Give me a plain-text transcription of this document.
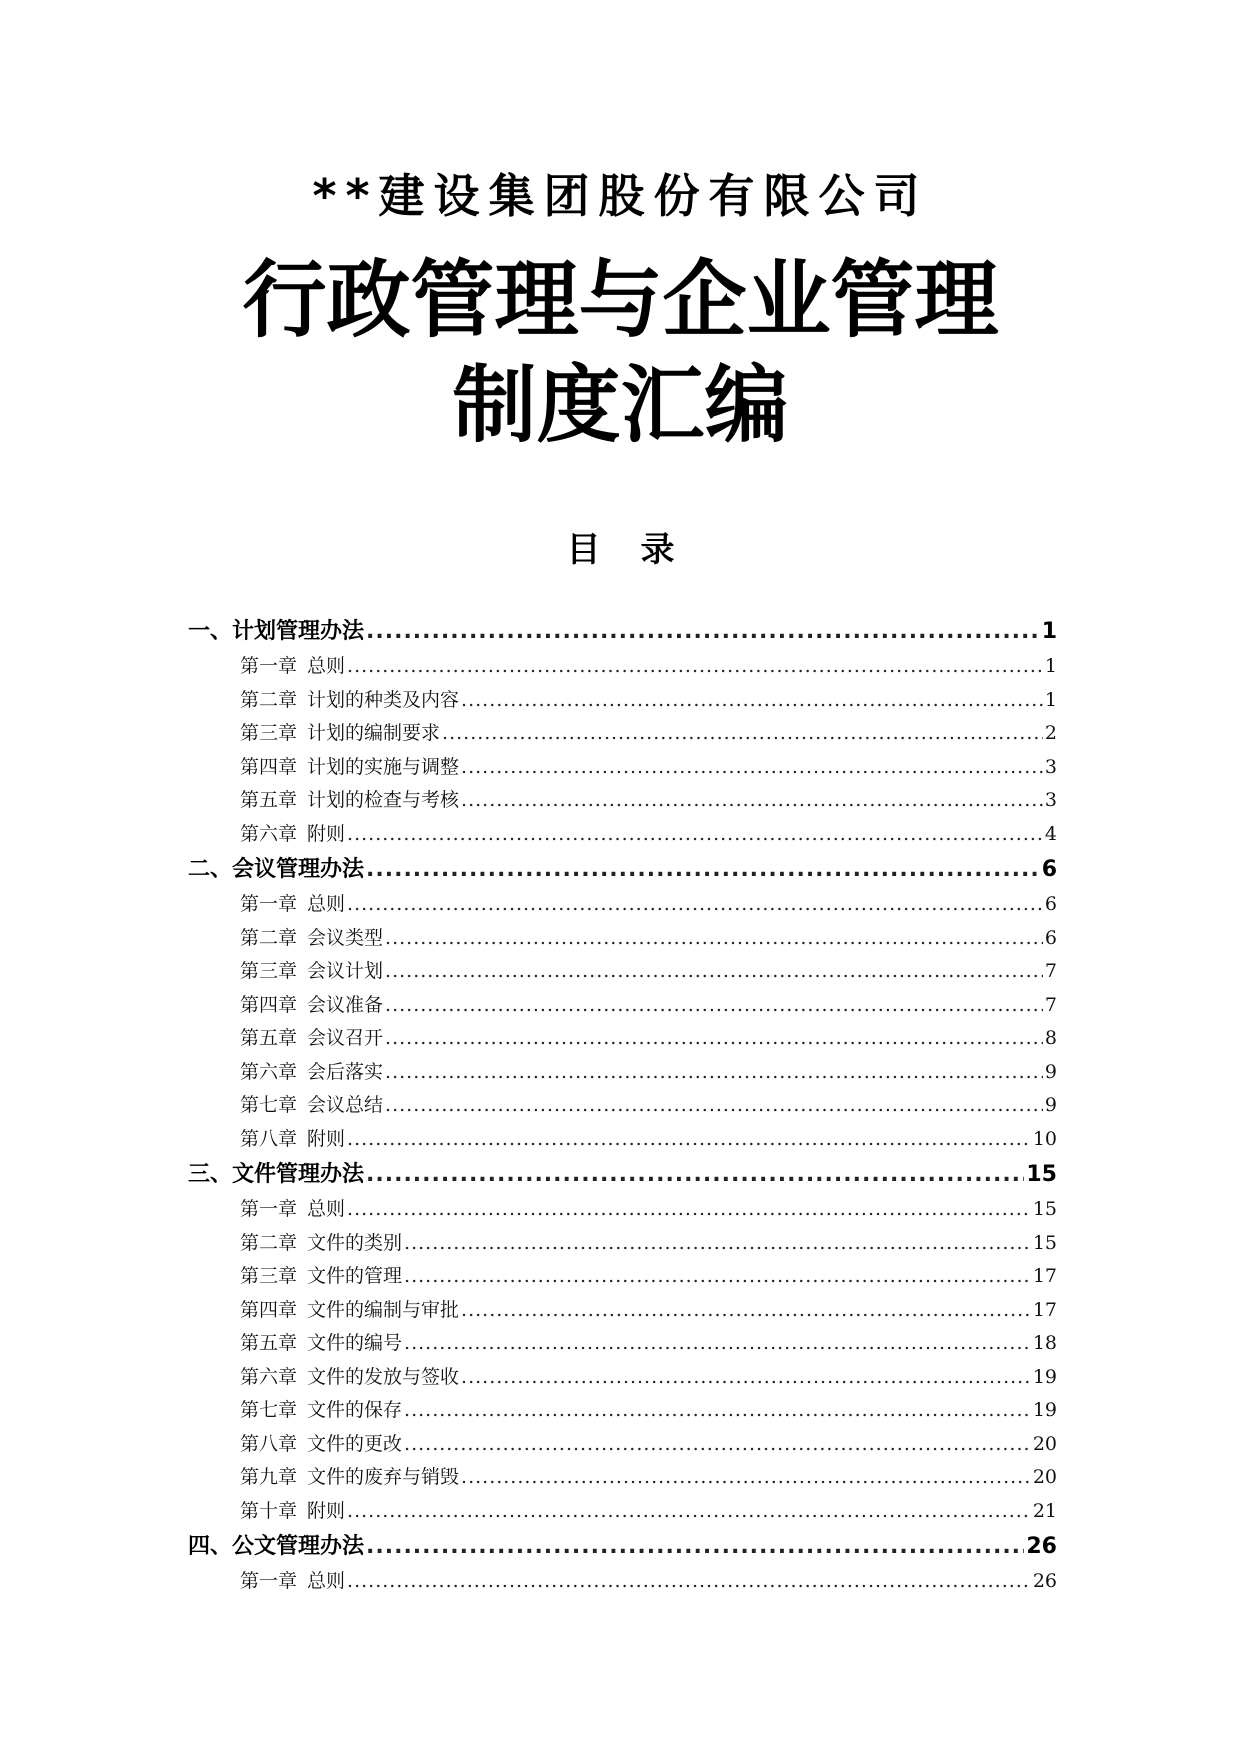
**建设集团股份有限公司
行政管理与企业管理
制度汇编
目 录
一、计划管理办法 .....	1
第一章 总则 .....	1
第二章 计划的种类及内容 .....	1
第三章 计划的编制要求 .....	2
第四章 计划的实施与调整 .....	3
第五章 计划的检查与考核 .....	3
第六章 附则 .....	4
二、会议管理办法 .....	6
第一章 总则 .....	6
第二章 会议类型 .....	6
第三章 会议计划 .....	7
第四章 会议准备 .....	7
第五章 会议召开 .....	8
第六章 会后落实 .....	9
第七章 会议总结 .....	9
第八章 附则 .....	10
三、文件管理办法 .....	15
第一章 总则 .....	15
第二章 文件的类别 .....	15
第三章 文件的管理 .....	17
第四章 文件的编制与审批 .....	17
第五章 文件的编号 .....	18
第六章 文件的发放与签收 .....	19
第七章 文件的保存 .....	19
第八章 文件的更改 .....	20
第九章 文件的废弃与销毁 .....	20
第十章 附则 .....	21
四、公文管理办法 .....	26
第一章 总则 .....	26
